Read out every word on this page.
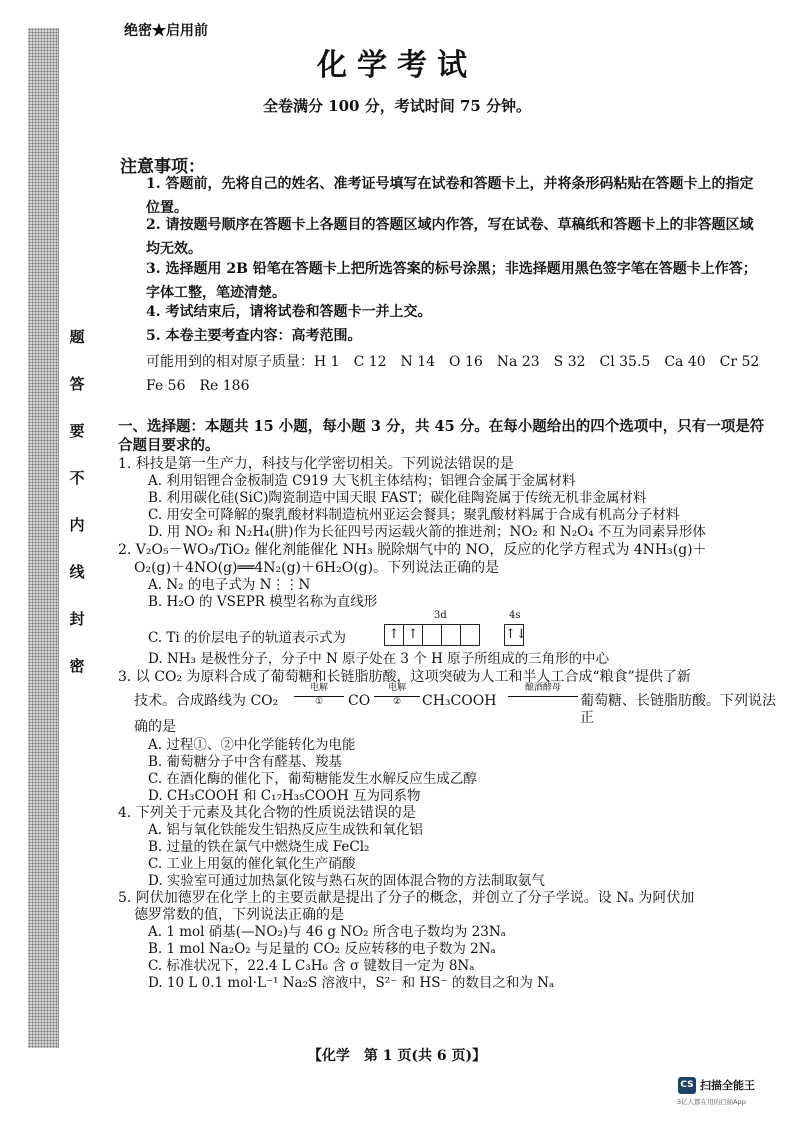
题
答
要
不
内
线
封
密
绝密★启用前
化学考试
全卷满分 100 分，考试时间 75 分钟。
注意事项：
1. 答题前，先将自己的姓名、准考证号填写在试卷和答题卡上，并将条形码粘贴在答题卡上的指定位置。
2. 请按题号顺序在答题卡上各题目的答题区域内作答，写在试卷、草稿纸和答题卡上的非答题区域均无效。
3. 选择题用 2B 铅笔在答题卡上把所选答案的标号涂黑；非选择题用黑色签字笔在答题卡上作答；字体工整，笔迹清楚。
4. 考试结束后，请将试卷和答题卡一并上交。
5. 本卷主要考查内容：高考范围。
可能用到的相对原子质量：H 1　C 12　N 14　O 16　Na 23　S 32　Cl 35.5　Ca 40　Cr 52　Fe 56　Re 186
一、选择题：本题共 15 小题，每小题 3 分，共 45 分。在每小题给出的四个选项中，只有一项是符合题目要求的。
1. 科技是第一生产力，科技与化学密切相关。下列说法错误的是
A. 利用铝锂合金板制造 C919 大飞机主体结构；铝锂合金属于金属材料
B. 利用碳化硅(SiC)陶瓷制造中国天眼 FAST；碳化硅陶瓷属于传统无机非金属材料
C. 用安全可降解的聚乳酸材料制造杭州亚运会餐具；聚乳酸材料属于合成有机高分子材料
D. 用 NO₂ 和 N₂H₄(肼)作为长征四号丙运载火箭的推进剂；NO₂ 和 N₂O₄ 不互为同素异形体
2. V₂O₅－WO₃/TiO₂ 催化剂能催化 NH₃ 脱除烟气中的 NO，反应的化学方程式为 4NH₃(g)＋
O₂(g)＋4NO(g)══4N₂(g)＋6H₂O(g)。下列说法正确的是
A. N₂ 的电子式为 N⋮⋮N
B. H₂O 的 VSEPR 模型名称为直线形
3d	4s
C. Ti 的价层电子的轨道表示式为	↑ ↑	↑↓
D. NH₃ 是极性分子，分子中 N 原子处在 3 个 H 原子所组成的三角形的中心
3. 以 CO₂ 为原料合成了葡萄糖和长链脂肪酸，这项突破为人工和半人工合成“粮食”提供了新
技术。合成路线为 CO₂
电解
①	CO
电解
②	CH₃COOH
酿酒酵母
葡萄糖、长链脂肪酸。下列说法正
确的是
A. 过程①、②中化学能转化为电能
B. 葡萄糖分子中含有醛基、羧基
C. 在酒化酶的催化下，葡萄糖能发生水解反应生成乙醇
D. CH₃COOH 和 C₁₇H₃₅COOH 互为同系物
4. 下列关于元素及其化合物的性质说法错误的是
A. 铝与氧化铁能发生铝热反应生成铁和氧化铝
B. 过量的铁在氯气中燃烧生成 FeCl₂
C. 工业上用氨的催化氧化生产硝酸
D. 实验室可通过加热氯化铵与熟石灰的固体混合物的方法制取氨气
5. 阿伏加德罗在化学上的主要贡献是提出了分子的概念，并创立了分子学说。设 Nₐ 为阿伏加
德罗常数的值，下列说法正确的是
A. 1 mol 硝基(—NO₂)与 46 g NO₂ 所含电子数均为 23Nₐ
B. 1 mol Na₂O₂ 与足量的 CO₂ 反应转移的电子数为 2Nₐ
C. 标准状况下，22.4 L C₃H₆ 含 σ 键数目一定为 8Nₐ
D. 10 L 0.1 mol·L⁻¹ Na₂S 溶液中，S²⁻ 和 HS⁻ 的数目之和为 Nₐ
【化学　第 1 页(共 6 页)】
CS 扫描全能王
3亿人都在用的扫描App
